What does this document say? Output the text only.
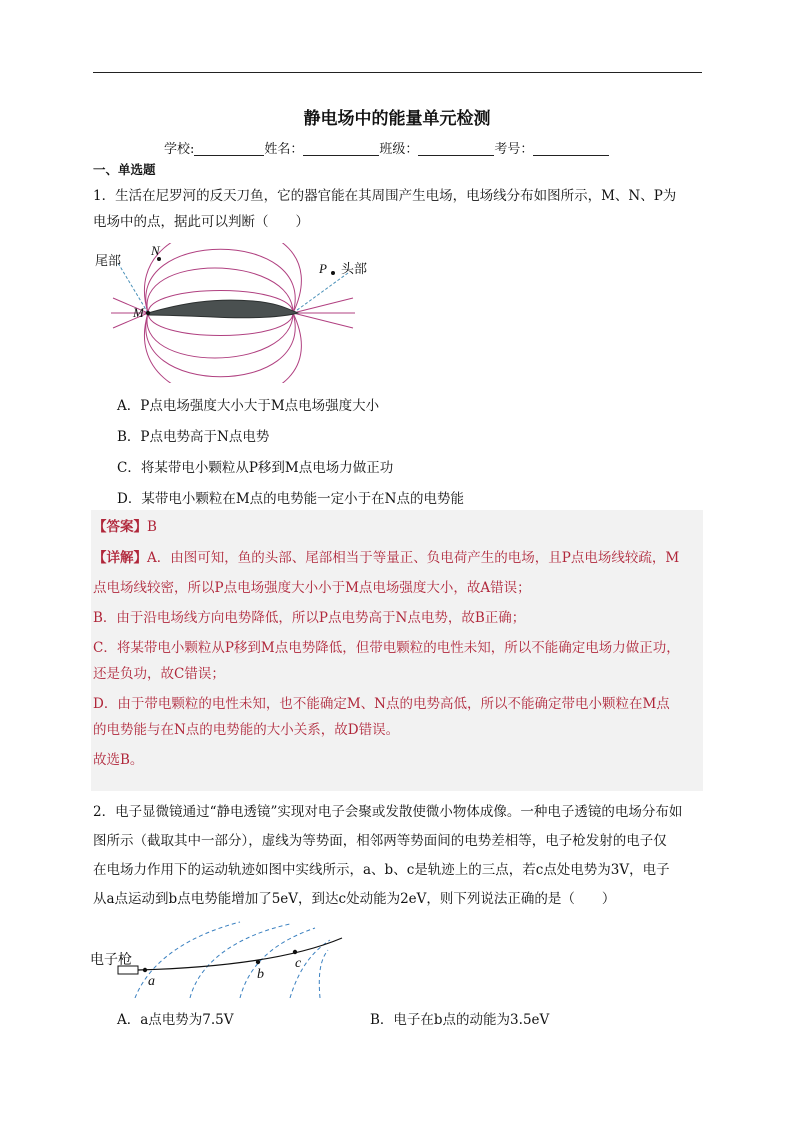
静电场中的能量单元检测
学校:	姓名：	班级：	考号：
一、单选题
1．生活在尼罗河的反天刀鱼，它的器官能在其周围产生电场，电场线分布如图所示，M、N、P为
电场中的点，据此可以判断（　　）
尾部
N
P 头部
M
A．P点电场强度大小大于M点电场强度大小
B．P点电势高于N点电势
C．将某带电小颗粒从P移到M点电场力做正功
D．某带电小颗粒在M点的电势能一定小于在N点的电势能
【答案】B
【详解】A．由图可知，鱼的头部、尾部相当于等量正、负电荷产生的电场，且P点电场线较疏，M
点电场线较密，所以P点电场强度大小小于M点电场强度大小，故A错误；
B．由于沿电场线方向电势降低，所以P点电势高于N点电势，故B正确；
C．将某带电小颗粒从P移到M点电势降低，但带电颗粒的电性未知，所以不能确定电场力做正功，
还是负功，故C错误；
D．由于带电颗粒的电性未知，也不能确定M、N点的电势高低，所以不能确定带电小颗粒在M点
的电势能与在N点的电势能的大小关系，故D错误。
故选B。
2．电子显微镜通过“静电透镜”实现对电子会聚或发散使微小物体成像。一种电子透镜的电场分布如
图所示（截取其中一部分），虚线为等势面，相邻两等势面间的电势差相等，电子枪发射的电子仅
在电场力作用下的运动轨迹如图中实线所示，a、b、c是轨迹上的三点，若c点处电势为3V，电子
从a点运动到b点电势能增加了5eV，到达c处动能为2eV，则下列说法正确的是（　　）
电子枪
a	b
c
A．a点电势为7.5V	B．电子在b点的动能为3.5eV
